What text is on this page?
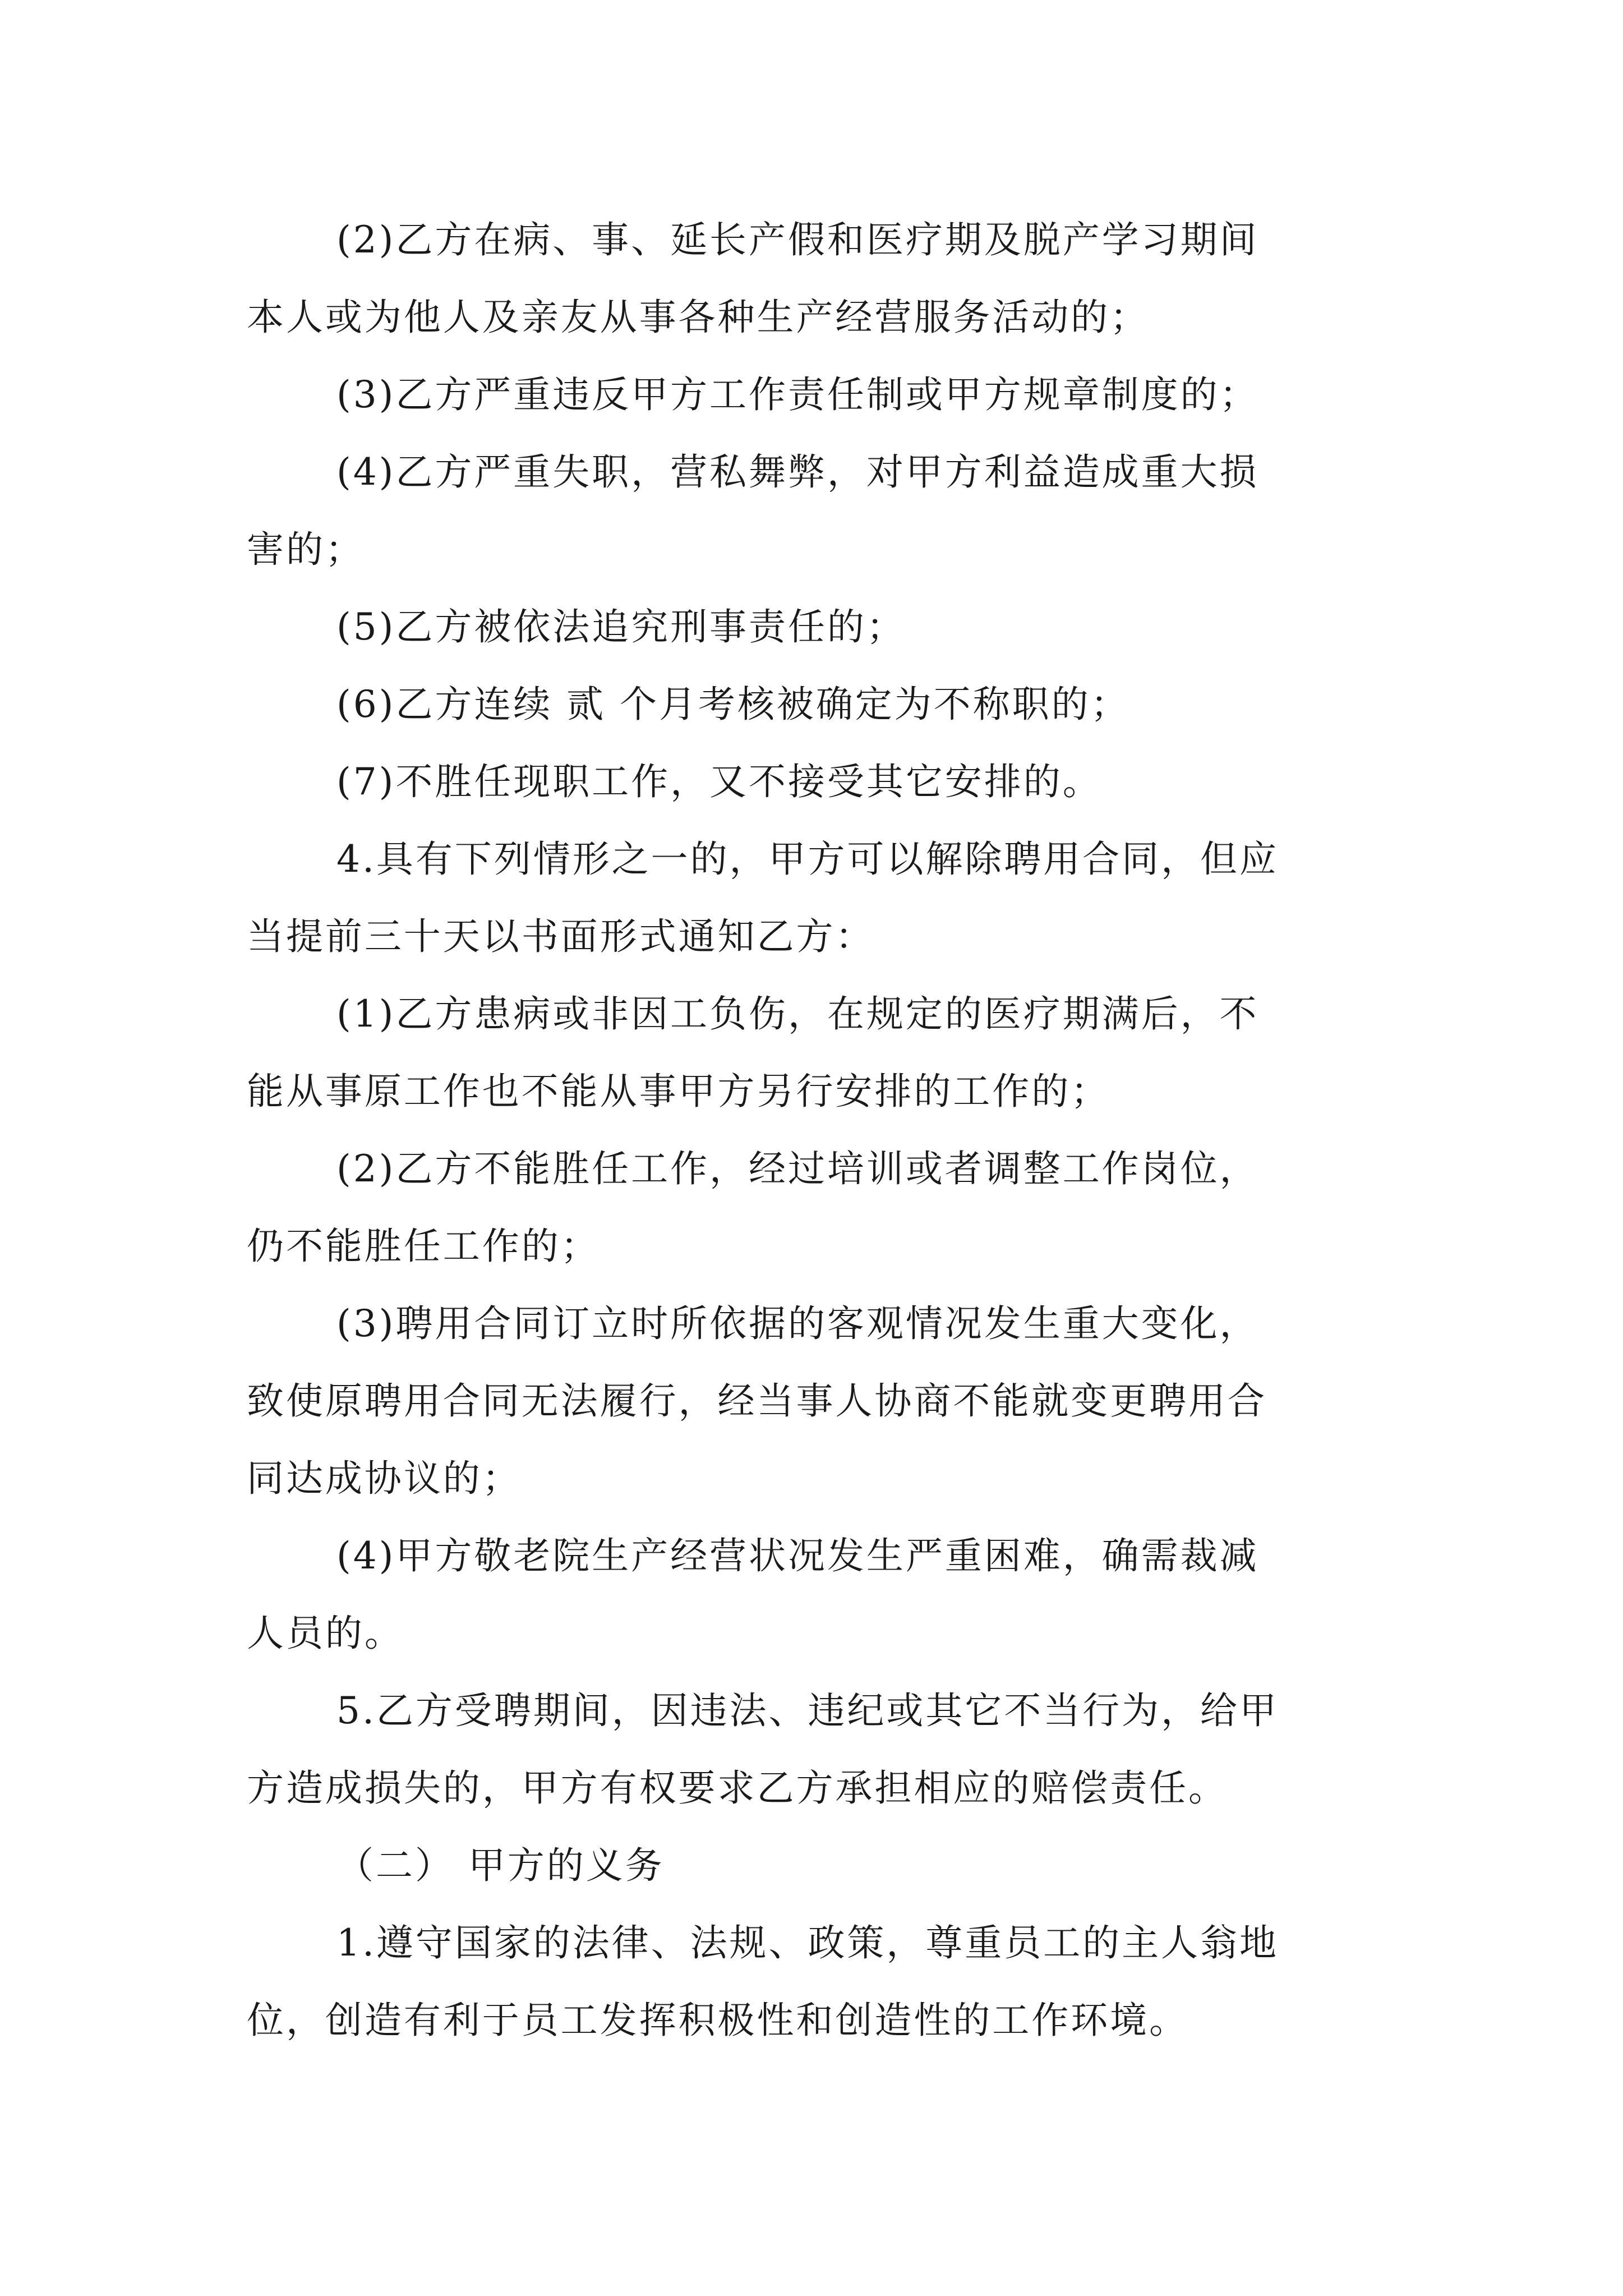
(2)乙方在病、事、延长产假和医疗期及脱产学习期间
本人或为他人及亲友从事各种生产经营服务活动的；
(3)乙方严重违反甲方工作责任制或甲方规章制度的；
(4)乙方严重失职，营私舞弊，对甲方利益造成重大损
害的；
(5)乙方被依法追究刑事责任的；
(6)乙方连续 贰 个月考核被确定为不称职的；
(7)不胜任现职工作，又不接受其它安排的。
4.具有下列情形之一的，甲方可以解除聘用合同，但应
当提前三十天以书面形式通知乙方：
(1)乙方患病或非因工负伤，在规定的医疗期满后，不
能从事原工作也不能从事甲方另行安排的工作的；
(2)乙方不能胜任工作，经过培训或者调整工作岗位，
仍不能胜任工作的；
(3)聘用合同订立时所依据的客观情况发生重大变化，
致使原聘用合同无法履行，经当事人协商不能就变更聘用合
同达成协议的；
(4)甲方敬老院生产经营状况发生严重困难，确需裁减
人员的。
5.乙方受聘期间，因违法、违纪或其它不当行为，给甲
方造成损失的，甲方有权要求乙方承担相应的赔偿责任。
（二） 甲方的义务
1.遵守国家的法律、法规、政策，尊重员工的主人翁地
位，创造有利于员工发挥积极性和创造性的工作环境。
